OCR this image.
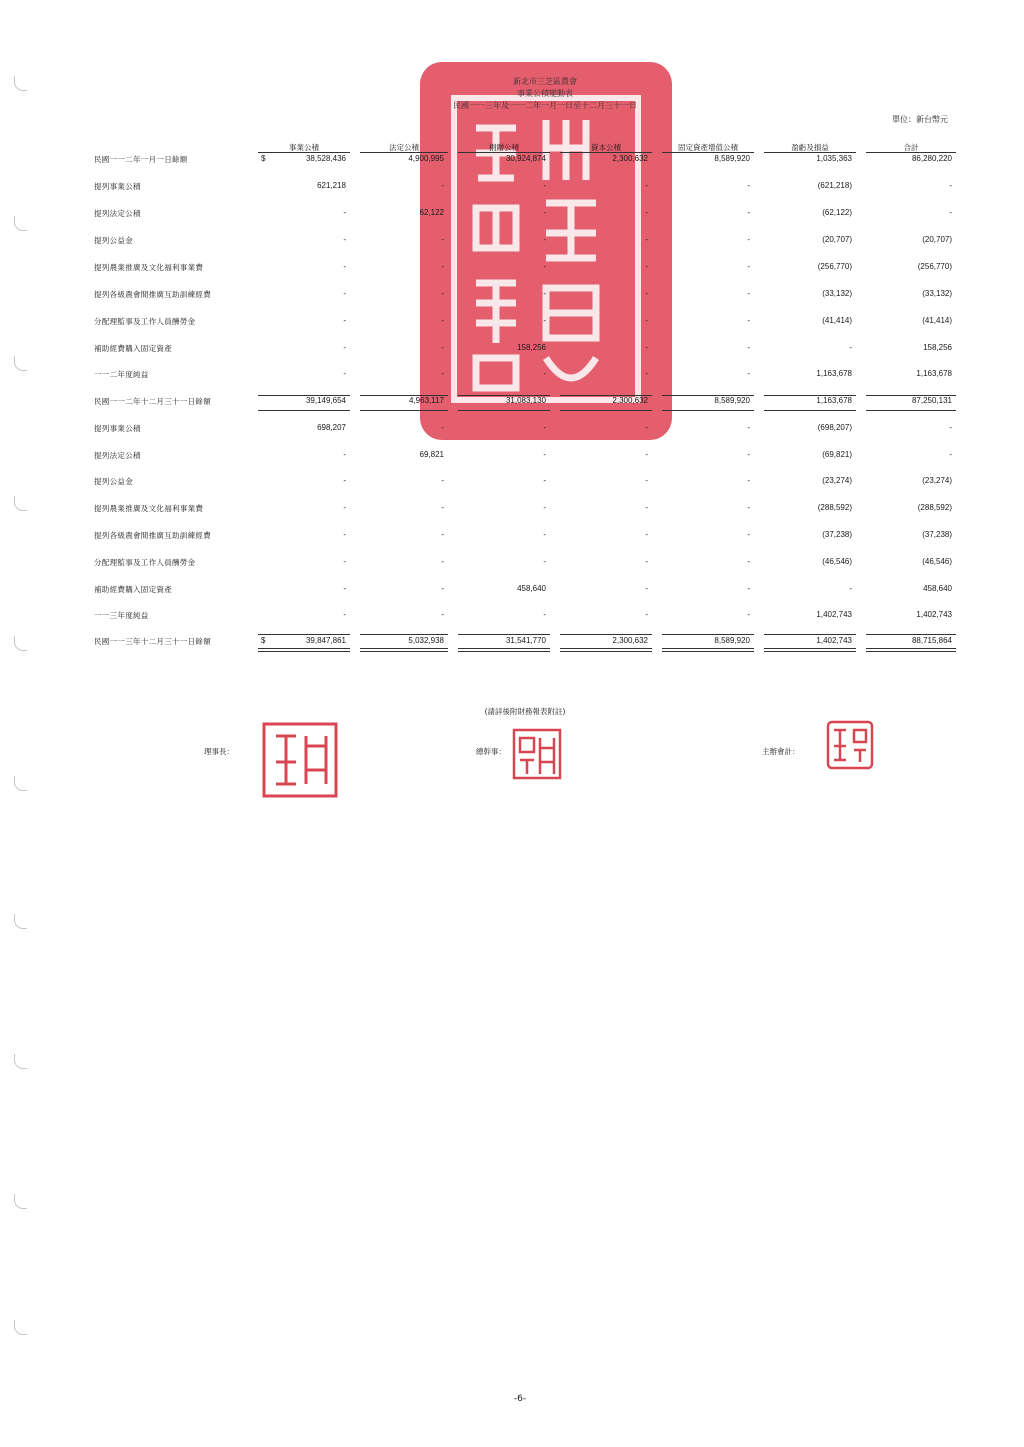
新北市三芝區農會
事業公積變動表
民國一一三年及一一二年一月一日至十二月三十一日
單位：新台幣元
事業公積	法定公積	捐贈公積	資本公積	固定資產增值公積	盈虧及損益	合計
民國一一二年一月一日餘額	$	38,528,436	4,900,995	30,924,874	2,300,632	8,589,920	1,035,363	86,280,220
提列事業公積	621,218	-	-	-	-	(621,218)	-
提列法定公積	-	62,122	-	-	-	(62,122)	-
提列公益金	-	-	-	-	-	(20,707)	(20,707)
提列農業推廣及文化福利事業費	-	-	-	-	-	(256,770)	(256,770)
提列各級農會間推廣互助訓練經費	-	-	-	-	-	(33,132)	(33,132)
分配理監事及工作人員酬勞金	-	-	-	-	-	(41,414)	(41,414)
補助經費購入固定資產	-	-	158,256	-	-	-	158,256
一一二年度純益	-	-	-	-	-	1,163,678	1,163,678
民國一一二年十二月三十一日餘額	39,149,654	4,963,117	31,083,130	2,300,632	8,589,920	1,163,678	87,250,131
提列事業公積	698,207	-	-	-	-	(698,207)	-
提列法定公積	-	69,821	-	-	-	(69,821)	-
提列公益金	-	-	-	-	-	(23,274)	(23,274)
提列農業推廣及文化福利事業費	-	-	-	-	-	(288,592)	(288,592)
提列各級農會間推廣互助訓練經費	-	-	-	-	-	(37,238)	(37,238)
分配理監事及工作人員酬勞金	-	-	-	-	-	(46,546)	(46,546)
補助經費購入固定資產	-	-	458,640	-	-	-	458,640
一一三年度純益	-	-	-	-	-	1,402,743	1,402,743
民國一一三年十二月三十一日餘額	$	39,847,861	5,032,938	31,541,770	2,300,632	8,589,920	1,402,743	88,715,864
(請詳後附財務報表附註)
理事長：	總幹事：	主辦會計：
-6-
